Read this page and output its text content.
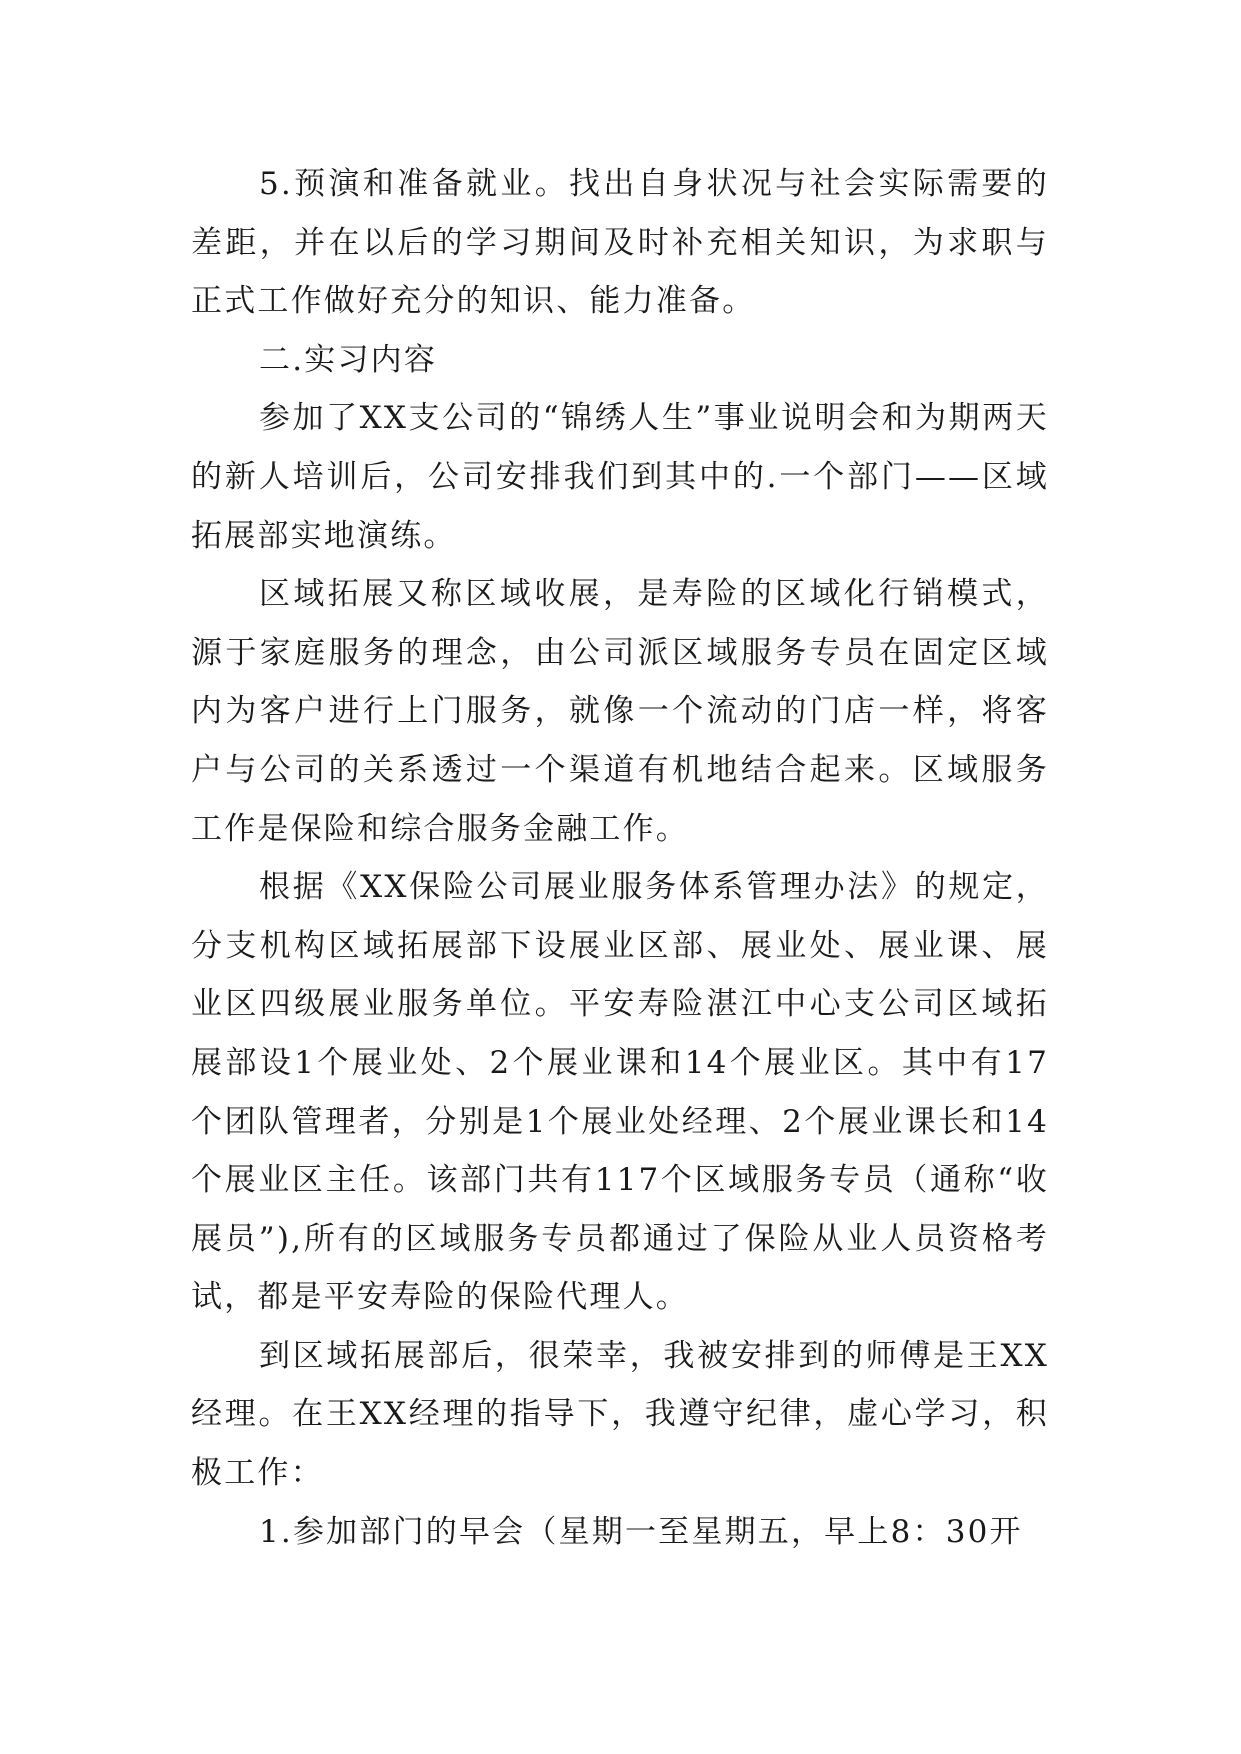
5.预演和准备就业。找出自身状况与社会实际需要的差距，并在以后的学习期间及时补充相关知识，为求职与正式工作做好充分的知识、能力准备。

二.实习内容

参加了XX支公司的“锦绣人生”事业说明会和为期两天的新人培训后，公司安排我们到其中的.一个部门——区域拓展部实地演练。

区域拓展又称区域收展，是寿险的区域化行销模式，源于家庭服务的理念，由公司派区域服务专员在固定区域内为客户进行上门服务，就像一个流动的门店一样，将客户与公司的关系透过一个渠道有机地结合起来。区域服务工作是保险和综合服务金融工作。

根据《XX保险公司展业服务体系管理办法》的规定，分支机构区域拓展部下设展业区部、展业处、展业课、展业区四级展业服务单位。平安寿险湛江中心支公司区域拓展部设1个展业处、2个展业课和14个展业区。其中有17个团队管理者，分别是1个展业处经理、2个展业课长和14个展业区主任。该部门共有117个区域服务专员（通称“收展员”),所有的区域服务专员都通过了保险从业人员资格考试，都是平安寿险的保险代理人。

到区域拓展部后，很荣幸，我被安排到的师傅是王XX经理。在王XX经理的指导下，我遵守纪律，虚心学习，积极工作：

1.参加部门的早会（星期一至星期五，早上8：30开
